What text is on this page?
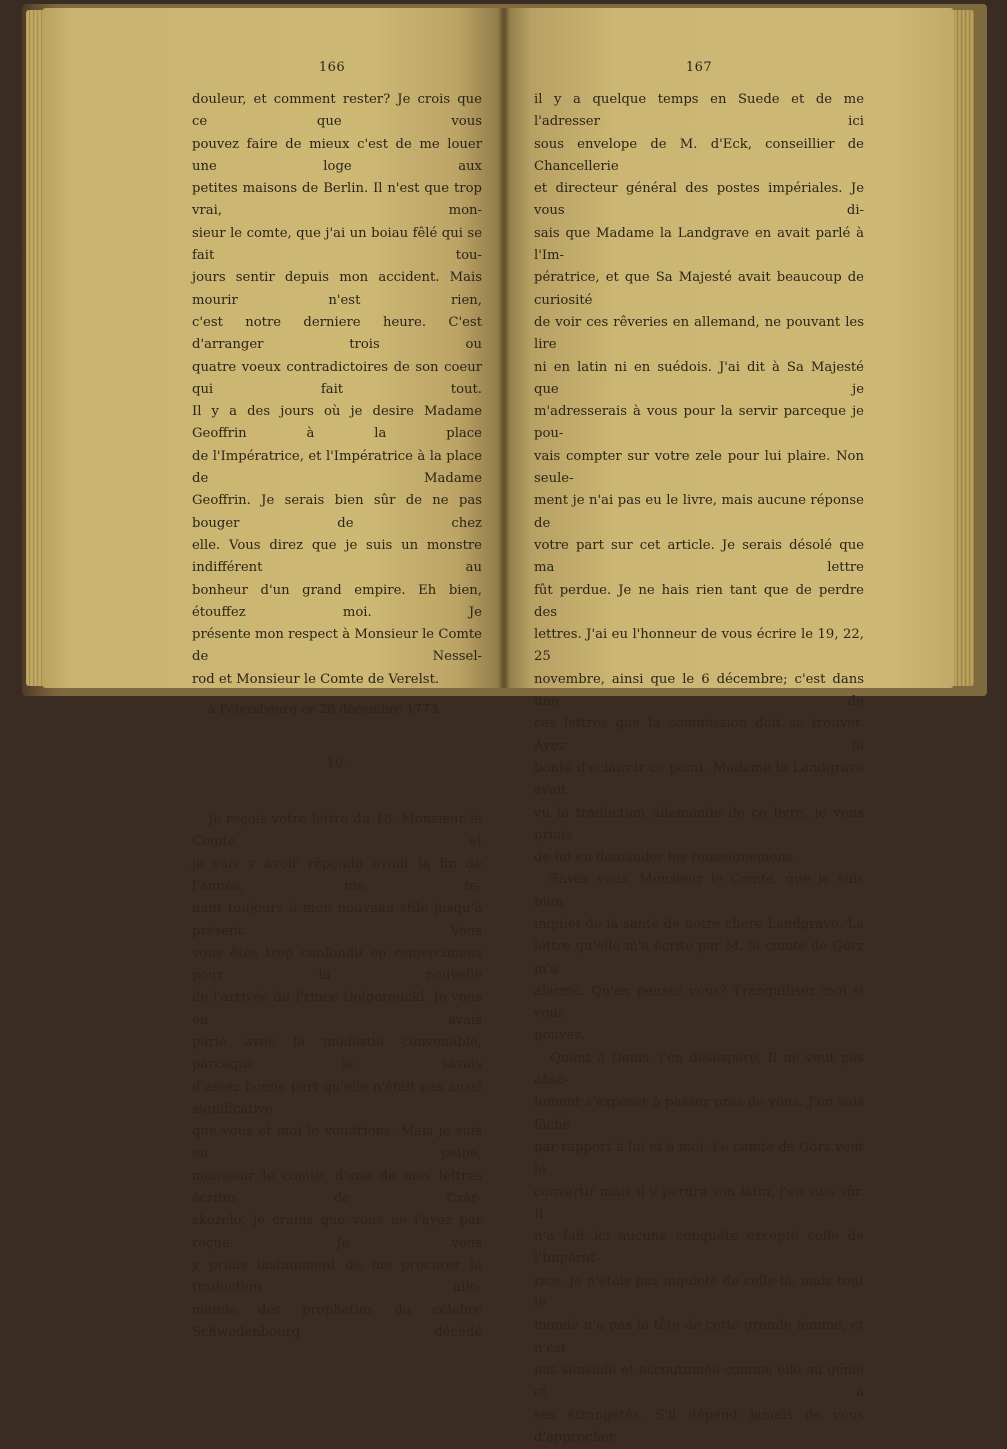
166

douleur, et comment rester? Je crois que ce que vous
pouvez faire de mieux c'est de me louer une loge aux
petites maisons de Berlin. Il n'est que trop vrai, mon-
sieur le comte, que j'ai un boiau fêlé qui se fait tou-
jours sentir depuis mon accident. Mais mourir n'est rien,
c'est notre derniere heure. C'est d'arranger trois ou
quatre voeux contradictoires de son coeur qui fait tout.
Il y a des jours où je desire Madame Geoffrin à la place
de l'Impératrice, et l'Impératrice à la place de Madame
Geoffrin. Je serais bien sûr de ne pas bouger de chez
elle. Vous direz que je suis un monstre indifférent au
bonheur d'un grand empire. Eh bien, étouffez moi. Je
présente mon respect à Monsieur le Comte de Nessel-
rod et Monsieur le Comte de Verelst.

à Pétersbourg ce 28 décembre 1773.
10.

Je reçois votre lettre du 18, Monsieur le Comte, et
je vais y avoir répondu avant la fin de l'année, me te-
nant toujours à mon nouveau stile jusqu'à présent. Vous
vous êtes trop confondu en remercimens pour la nouvelle
de l'arrivée du Prince Dolgorouckî. Je vous en avais
parlé avec la modestie convenable, parceque je savais
d'assez bonne part qu'elle n'était pas aussi significative
que vous et moi le voudrions. Mais je suis en peine,
monsieur le comte, d'une de mes lettres écrites de Czar-
skozelo, je crains que vous ne l'ayez par reçue. Je vous
y priais instamment de me procurer la traduction alle-
mande des prophéties du célebre Schwedenbourg décédé

167

il y a quelque temps en Suede et de me l'adresser ici
sous envelope de M. d'Eck, conseillier de Chancellerie
et directeur général des postes impériales. Je vous di-
sais que Madame la Landgrave en avait parlé à l'Im-
pératrice, et que Sa Majesté avait beaucoup de curiosité
de voir ces rêveries en allemand, ne pouvant les lire
ni en latin ni en suédois. J'ai dit à Sa Majesté que je
m'adresserais à vous pour la servir parceque je pou-
vais compter sur votre zele pour lui plaire. Non seule-
ment je n'ai pas eu le livre, mais aucune réponse de
votre part sur cet article. Je serais désolé que ma lettre
fût perdue. Je ne hais rien tant que de perdre des
lettres. J'ai eu l'honneur de vous écrire le 19, 22, 25
novembre, ainsi que le 6 décembre; c'est dans une de
ces lettres que la commission doit se trouver. Ayez la
bonté d'éclaircir ce point. Madame la Landgrave avait
vu la traduction allemande de ce livre, je vous priais
de lui en demander les renseignemens.

Savez vous, Monsieur le Comte, que je suis bien
inquiet de la santé de notre chere Landgrave. La
lettre qu'elle m'a écrite par M. le comte de Görz m'a
alarmé. Qu'en pensez vous? Tranquilisez moi si vous
pouvez.

Quant à Denis, j'en désespere. Il ne veut pas abso-
lument s'exposer à passer près de vous. J'en suis fâché
par rapport à lui et à moi. Le comte de Görz veut le
convertir mais il y perdra son latin, j'en suis sûr. Il
n'a fait ici aucune conquête excepté celle de l'Impérat-
rice. Je n'étais pas inquiete de celle-là, mais tout le
monde n'a pas la tête de cette grande femme, et n'est
pas sensible et accoutumée comme elle au génie et à
ses étrangetés. S'il dépend jamais de vous d'approcher
